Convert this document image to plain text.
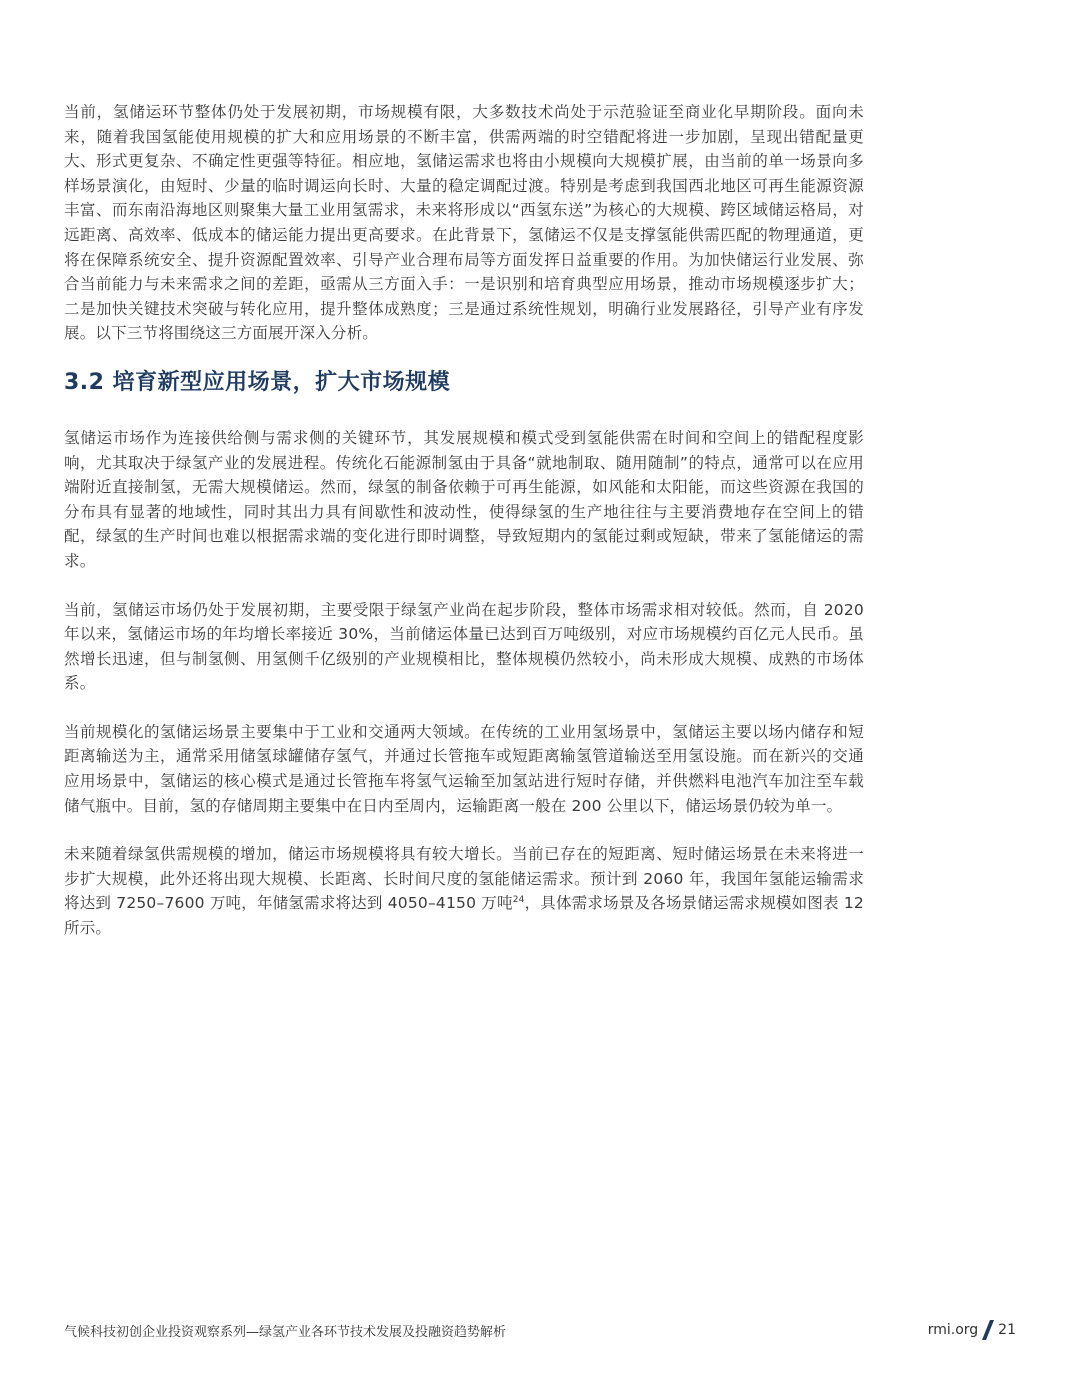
当前，氢储运环节整体仍处于发展初期，市场规模有限，大多数技术尚处于示范验证至商业化早期阶段。面向未来，随着我国氢能使用规模的扩大和应用场景的不断丰富，供需两端的时空错配将进一步加剧，呈现出错配量更大、形式更复杂、不确定性更强等特征。相应地，氢储运需求也将由小规模向大规模扩展，由当前的单一场景向多样场景演化，由短时、少量的临时调运向长时、大量的稳定调配过渡。特别是考虑到我国西北地区可再生能源资源丰富、而东南沿海地区则聚集大量工业用氢需求，未来将形成以“西氢东送”为核心的大规模、跨区域储运格局，对远距离、高效率、低成本的储运能力提出更高要求。在此背景下，氢储运不仅是支撑氢能供需匹配的物理通道，更将在保障系统安全、提升资源配置效率、引导产业合理布局等方面发挥日益重要的作用。为加快储运行业发展、弥合当前能力与未来需求之间的差距，亟需从三方面入手：一是识别和培育典型应用场景，推动市场规模逐步扩大；二是加快关键技术突破与转化应用，提升整体成熟度；三是通过系统性规划，明确行业发展路径，引导产业有序发展。以下三节将围绕这三方面展开深入分析。

3.2 培育新型应用场景，扩大市场规模

氢储运市场作为连接供给侧与需求侧的关键环节，其发展规模和模式受到氢能供需在时间和空间上的错配程度影响，尤其取决于绿氢产业的发展进程。传统化石能源制氢由于具备“就地制取、随用随制”的特点，通常可以在应用端附近直接制氢，无需大规模储运。然而，绿氢的制备依赖于可再生能源，如风能和太阳能，而这些资源在我国的分布具有显著的地域性，同时其出力具有间歇性和波动性，使得绿氢的生产地往往与主要消费地存在空间上的错配，绿氢的生产时间也难以根据需求端的变化进行即时调整，导致短期内的氢能过剩或短缺，带来了氢能储运的需求。

当前，氢储运市场仍处于发展初期，主要受限于绿氢产业尚在起步阶段，整体市场需求相对较低。然而，自 2020 年以来，氢储运市场的年均增长率接近 30%，当前储运体量已达到百万吨级别，对应市场规模约百亿元人民币。虽然增长迅速，但与制氢侧、用氢侧千亿级别的产业规模相比，整体规模仍然较小，尚未形成大规模、成熟的市场体系。

当前规模化的氢储运场景主要集中于工业和交通两大领域。在传统的工业用氢场景中，氢储运主要以场内储存和短距离输送为主，通常采用储氢球罐储存氢气，并通过长管拖车或短距离输氢管道输送至用氢设施。而在新兴的交通应用场景中，氢储运的核心模式是通过长管拖车将氢气运输至加氢站进行短时存储，并供燃料电池汽车加注至车载储气瓶中。目前，氢的存储周期主要集中在日内至周内，运输距离一般在 200 公里以下，储运场景仍较为单一。

未来随着绿氢供需规模的增加，储运市场规模将具有较大增长。当前已存在的短距离、短时储运场景在未来将进一步扩大规模，此外还将出现大规模、长距离、长时间尺度的氢能储运需求。预计到 2060 年，我国年氢能运输需求将达到 7250–7600 万吨，年储氢需求将达到 4050–4150 万吨$^{24}$，具体需求场景及各场景储运需求规模如图表 12 所示。

气候科技初创企业投资观察系列—绿氢产业各环节技术发展及投融资趋势解析	rmi.org 21
